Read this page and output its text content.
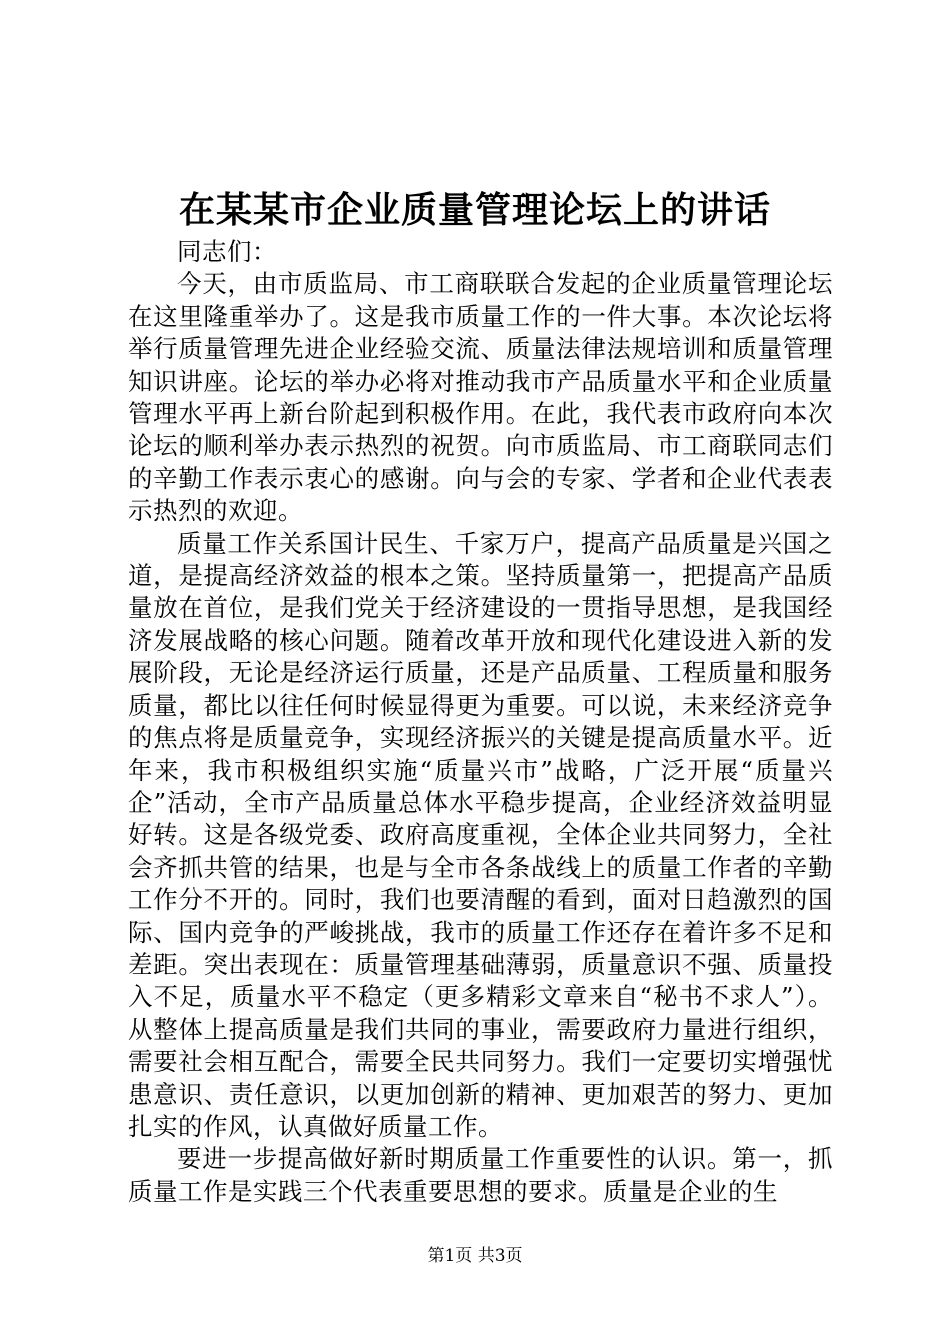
在某某市企业质量管理论坛上的讲话

同志们：

今天，由市质监局、市工商联联合发起的企业质量管理论坛在这里隆重举办了。这是我市质量工作的一件大事。本次论坛将举行质量管理先进企业经验交流、质量法律法规培训和质量管理知识讲座。论坛的举办必将对推动我市产品质量水平和企业质量管理水平再上新台阶起到积极作用。在此，我代表市政府向本次论坛的顺利举办表示热烈的祝贺。向市质监局、市工商联同志们的辛勤工作表示衷心的感谢。向与会的专家、学者和企业代表表示热烈的欢迎。

质量工作关系国计民生、千家万户，提高产品质量是兴国之道，是提高经济效益的根本之策。坚持质量第一，把提高产品质量放在首位，是我们党关于经济建设的一贯指导思想，是我国经济发展战略的核心问题。随着改革开放和现代化建设进入新的发展阶段，无论是经济运行质量，还是产品质量、工程质量和服务质量，都比以往任何时候显得更为重要。可以说，未来经济竞争的焦点将是质量竞争，实现经济振兴的关键是提高质量水平。近年来，我市积极组织实施“质量兴市”战略，广泛开展“质量兴企”活动，全市产品质量总体水平稳步提高，企业经济效益明显好转。这是各级党委、政府高度重视，全体企业共同努力，全社会齐抓共管的结果，也是与全市各条战线上的质量工作者的辛勤工作分不开的。同时，我们也要清醒的看到，面对日趋激烈的国际、国内竞争的严峻挑战，我市的质量工作还存在着许多不足和差距。突出表现在：质量管理基础薄弱，质量意识不强、质量投入不足，质量水平不稳定（更多精彩文章来自“秘书不求人”）。从整体上提高质量是我们共同的事业，需要政府力量进行组织，需要社会相互配合，需要全民共同努力。我们一定要切实增强忧患意识、责任意识，以更加创新的精神、更加艰苦的努力、更加扎实的作风，认真做好质量工作。

要进一步提高做好新时期质量工作重要性的认识。第一，抓质量工作是实践三个代表重要思想的要求。质量是企业的生

第1页 共3页
